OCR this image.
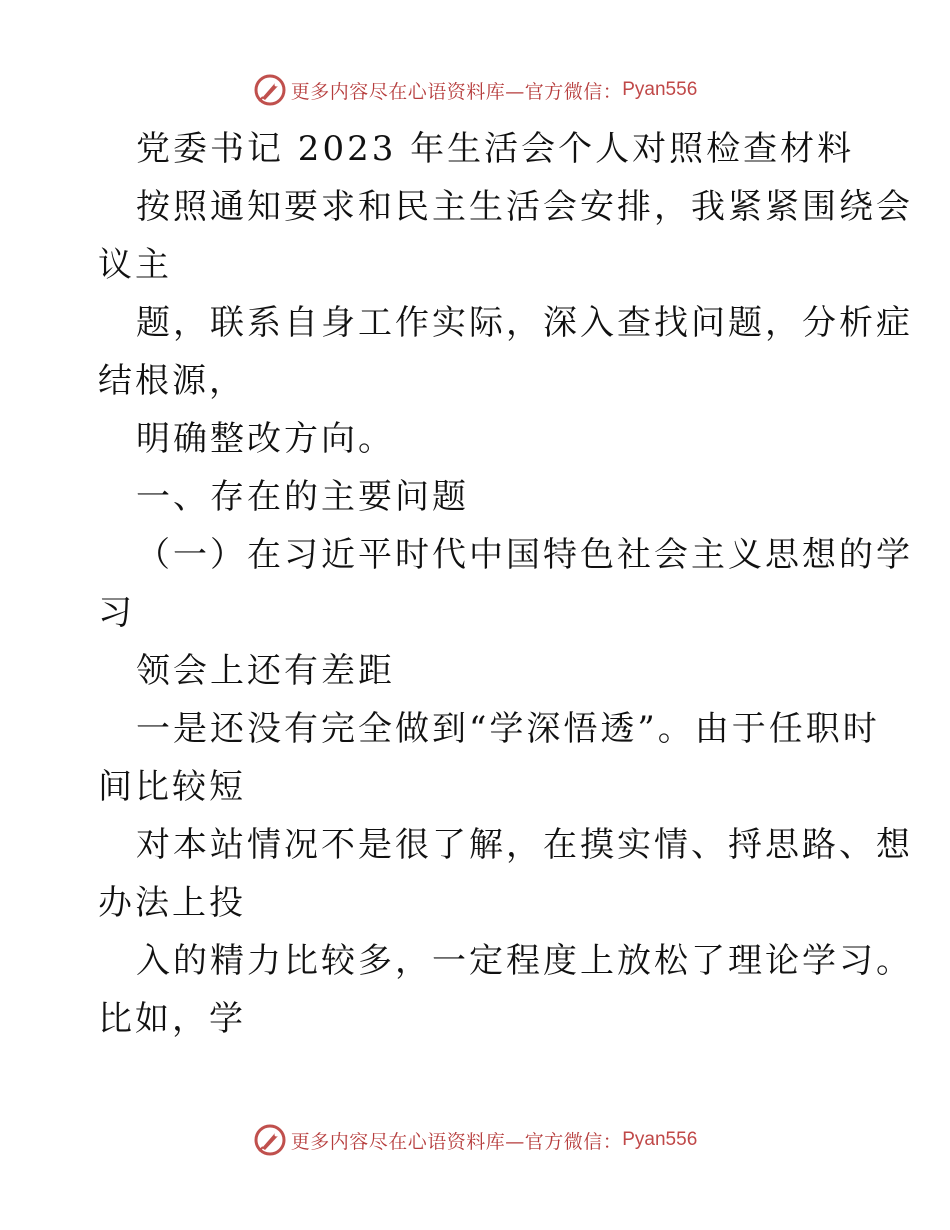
更多内容尽在心语资料库 —官方微信： Pyan556
党委书记 2023 年生活会个人对照检查材料
按照通知要求和民主生活会安排，我紧紧围绕会
议主
题，联系自身工作实际，深入查找问题，分析症
结根源，
明确整改方向。
一、存在的主要问题
（一）在习近平时代中国特色社会主义思想的学
习
领会上还有差距
一是还没有完全做到“学深悟透”。由于任职时
间比较短
对本站情况不是很了解，在摸实情、捋思路、想
办法上投
入的精力比较多，一定程度上放松了理论学习。
比如，学
更多内容尽在心语资料库 —官方微信： Pyan556
